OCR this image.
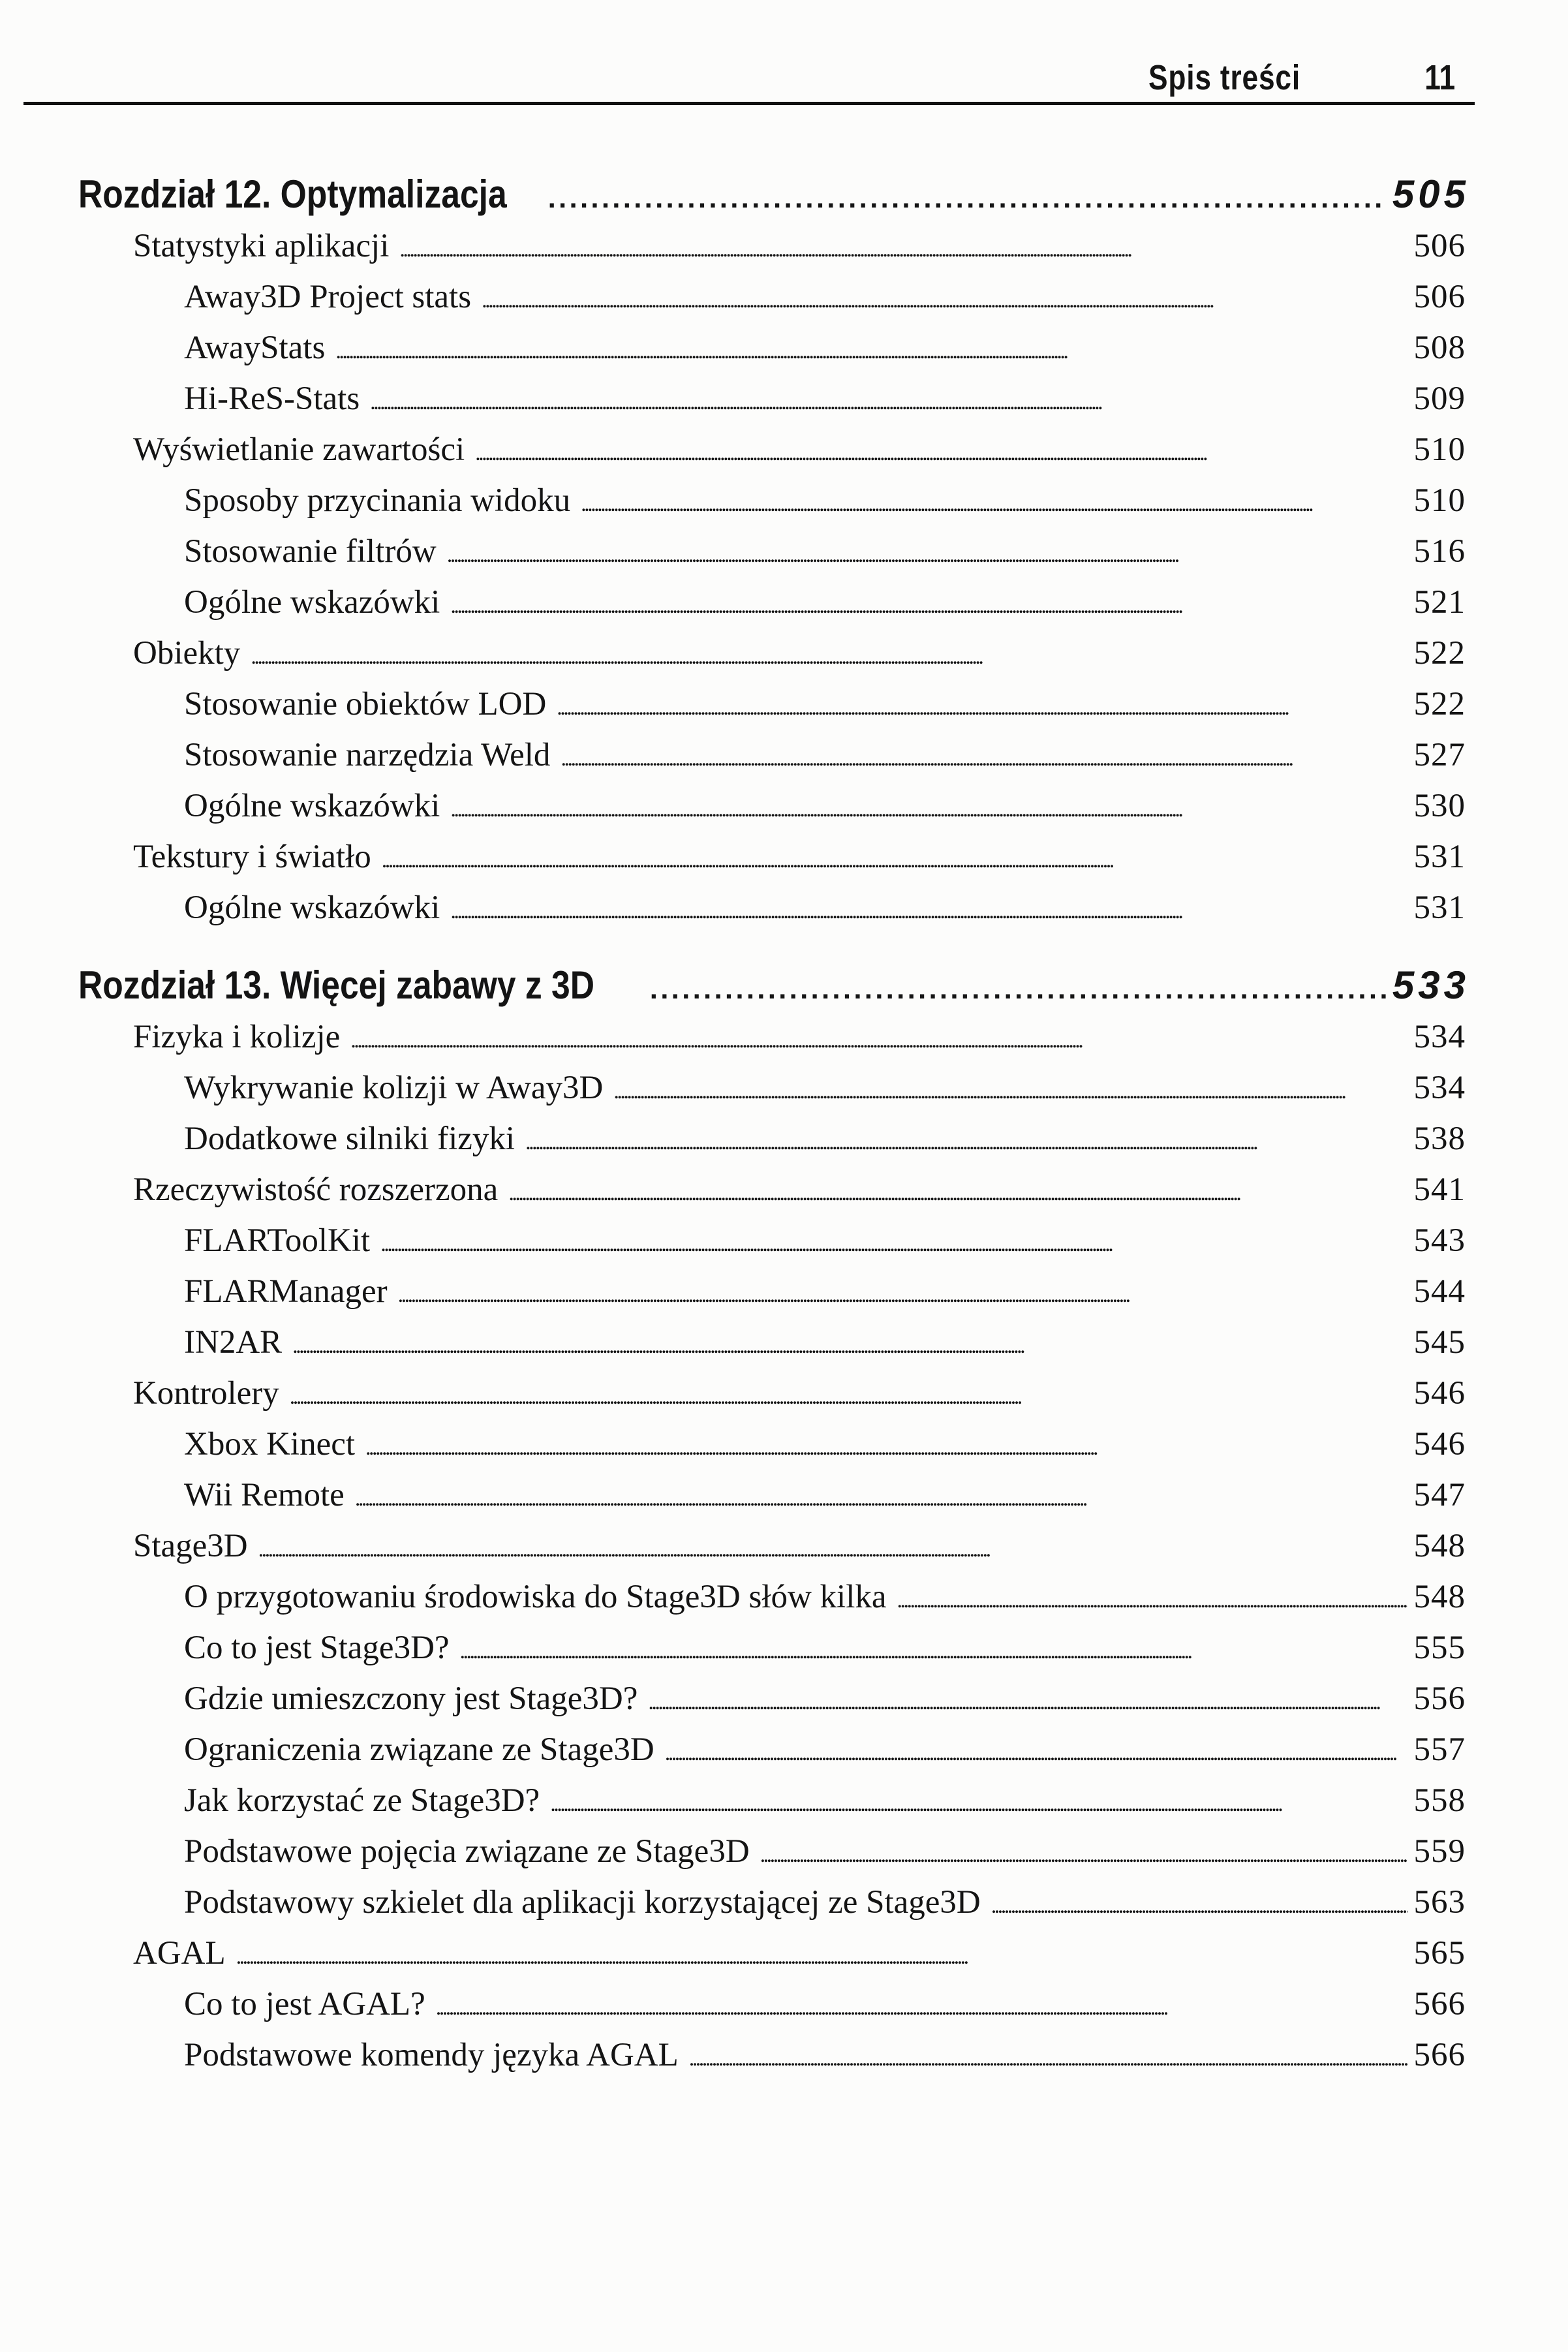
Spis treści	11
Rozdział 12. Optymalizacja . . .	505
Statystyki aplikacji . . .	506
Away3D Project stats . . .	506
AwayStats . . .	508
Hi-ReS-Stats . . .	509
Wyświetlanie zawartości . . .	510
Sposoby przycinania widoku . . .	510
Stosowanie filtrów . . .	516
Ogólne wskazówki . . .	521
Obiekty . . .	522
Stosowanie obiektów LOD . . .	522
Stosowanie narzędzia Weld . . .	527
Ogólne wskazówki . . .	530
Tekstury i światło . . .	531
Ogólne wskazówki . . .	531
Rozdział 13. Więcej zabawy z 3D . . .	533
Fizyka i kolizje . . .	534
Wykrywanie kolizji w Away3D . . .	534
Dodatkowe silniki fizyki . . .	538
Rzeczywistość rozszerzona . . .	541
FLARToolKit . . .	543
FLARManager . . .	544
IN2AR . . .	545
Kontrolery . . .	546
Xbox Kinect . . .	546
Wii Remote . . .	547
Stage3D . . .	548
O przygotowaniu środowiska do Stage3D słów kilka . . .	548
Co to jest Stage3D? . . .	555
Gdzie umieszczony jest Stage3D? . . .	556
Ograniczenia związane ze Stage3D . . .	557
Jak korzystać ze Stage3D? . . .	558
Podstawowe pojęcia związane ze Stage3D . . .	559
Podstawowy szkielet dla aplikacji korzystającej ze Stage3D . . .	563
AGAL . . .	565
Co to jest AGAL? . . .	566
Podstawowe komendy języka AGAL . . .	566
